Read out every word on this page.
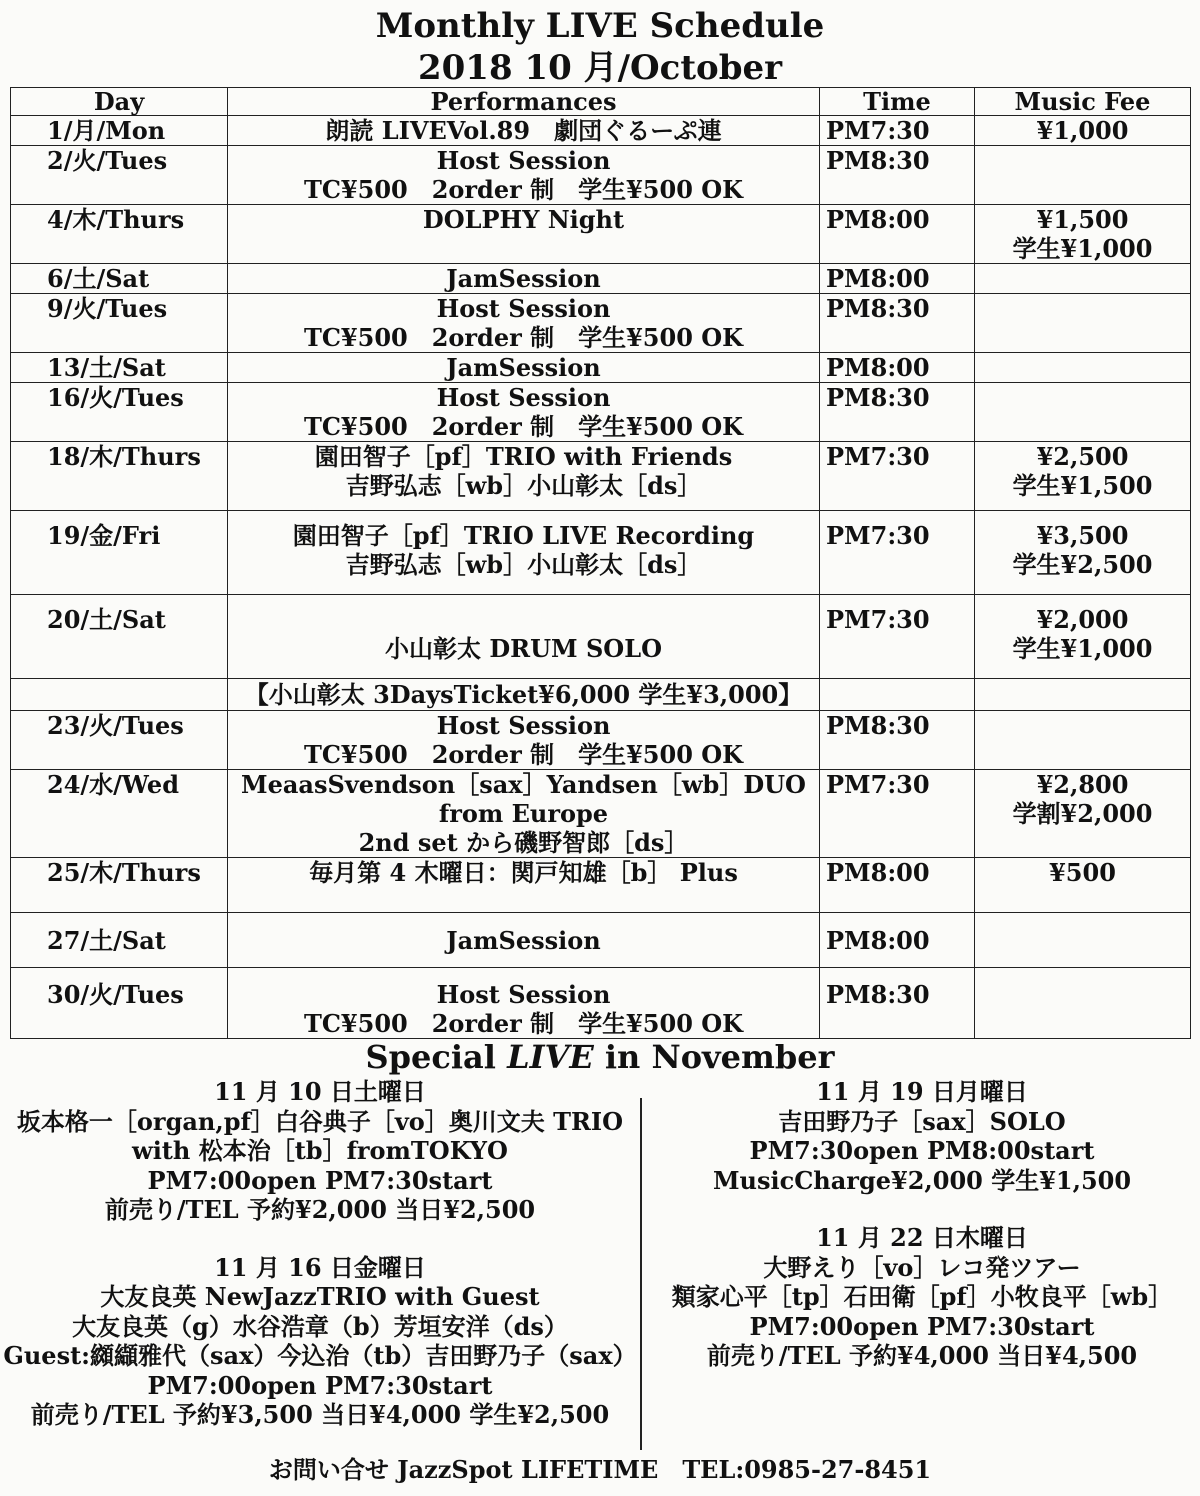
Monthly LIVE Schedule
2018 10 月/October
Day	Performances	Time	Music Fee
1/月/Mon	朗読 LIVEVol.89　劇団ぐるーぷ連	PM7:30	¥1,000

2/火/Tues	Host Session
TC¥500　2order 制　学生¥500 OK	PM8:30	
4/木/Thurs	DOLPHY Night	PM8:00	¥1,500
学生¥1,000

6/土/Sat	JamSession	PM8:00	
9/火/Tues	Host Session
TC¥500　2order 制　学生¥500 OK	PM8:30	
13/土/Sat	JamSession	PM8:00	
16/火/Tues	Host Session
TC¥500　2order 制　学生¥500 OK	PM8:30	
18/木/Thurs	園田智子［pf］TRIO with Friends
吉野弘志［wb］小山彰太［ds］	PM7:30	¥2,500
学生¥1,500

19/金/Fri	園田智子［pf］TRIO LIVE Recording
吉野弘志［wb］小山彰太［ds］	PM7:30	¥3,500
学生¥2,500

20/土/Sat	小山彰太 DRUM SOLO	PM7:30	¥2,000
学生¥1,000

	【小山彰太 3DaysTicket¥6,000 学生¥3,000】		

23/火/Tues	Host Session
TC¥500　2order 制　学生¥500 OK	PM8:30	
24/水/Wed	MeaasSvendson［sax］Yandsen［wb］DUO
from Europe
2nd set から磯野智郎［ds］	PM7:30	¥2,800
学割¥2,000

25/木/Thurs	毎月第 4 木曜日：関戸知雄［b］ Plus	PM8:00	¥500

27/土/Sat	JamSession	PM8:00	
30/火/Tues	Host Session
TC¥500　2order 制　学生¥500 OK	PM8:30	
Special LIVE in November
11 月 10 日土曜日
坂本格一［organ,pf］白谷典子［vo］奥川文夫 TRIO
with 松本治［tb］fromTOKYO
PM7:00open PM7:30start
前売り/TEL 予約¥2,000 当日¥2,500
11 月 16 日金曜日
大友良英 NewJazzTRIO with Guest
大友良英（g）水谷浩章（b）芳垣安洋（ds）
Guest:纐纈雅代（sax）今込治（tb）吉田野乃子（sax）
PM7:00open PM7:30start
前売り/TEL 予約¥3,500 当日¥4,000 学生¥2,500
11 月 19 日月曜日
吉田野乃子［sax］SOLO
PM7:30open PM8:00start
MusicCharge¥2,000 学生¥1,500
11 月 22 日木曜日
大野えり［vo］レコ発ツアー
類家心平［tp］石田衛［pf］小牧良平［wb］
PM7:00open PM7:30start
前売り/TEL 予約¥4,000 当日¥4,500
お問い合せ JazzSpot LIFETIME　TEL:0985-27-8451
